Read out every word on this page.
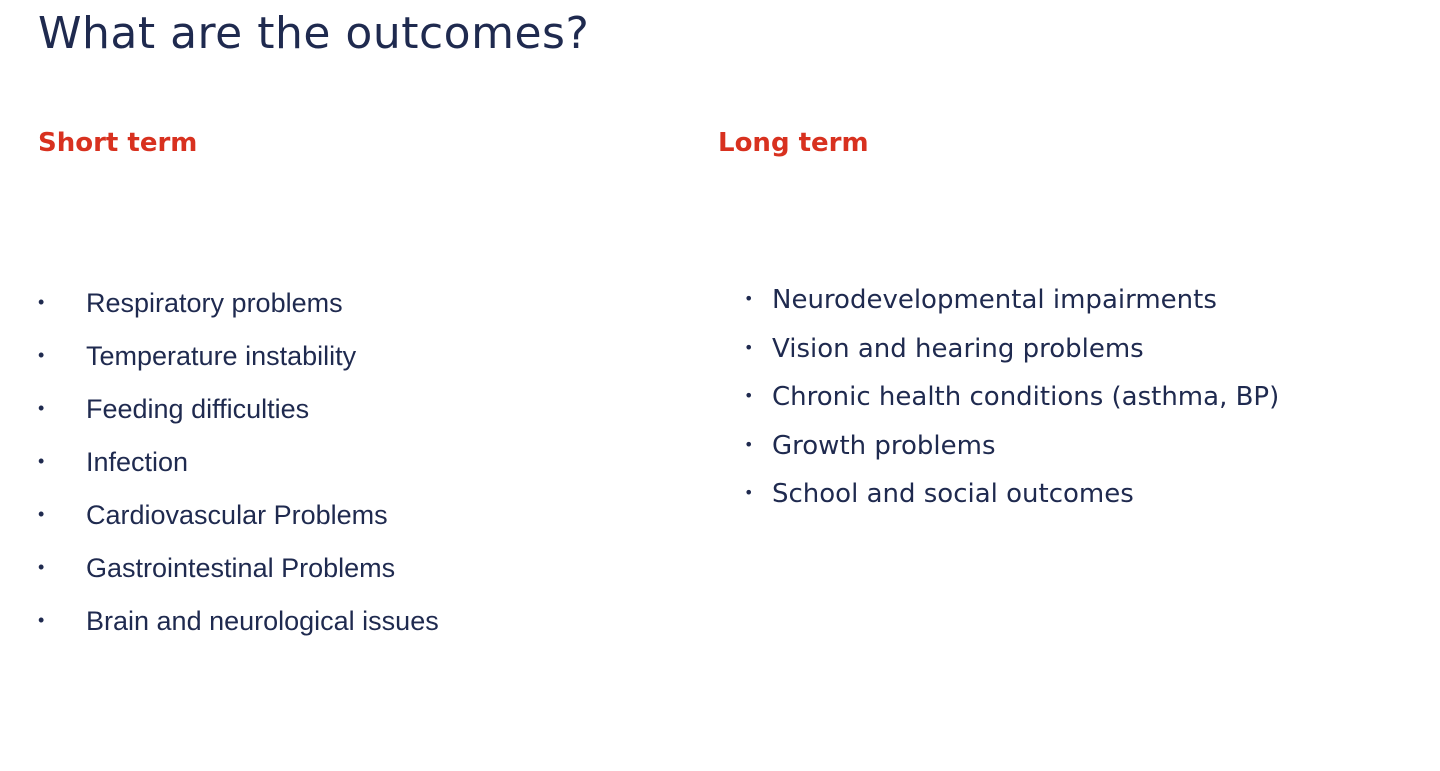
What are the outcomes?
Short term	Long term
• Respiratory problems
• Temperature instability
• Feeding difficulties
• Infection
• Cardiovascular Problems
• Gastrointestinal Problems
• Brain and neurological issues
• Neurodevelopmental impairments
• Vision and hearing problems
• Chronic health conditions (asthma, BP)
• Growth problems
• School and social outcomes
